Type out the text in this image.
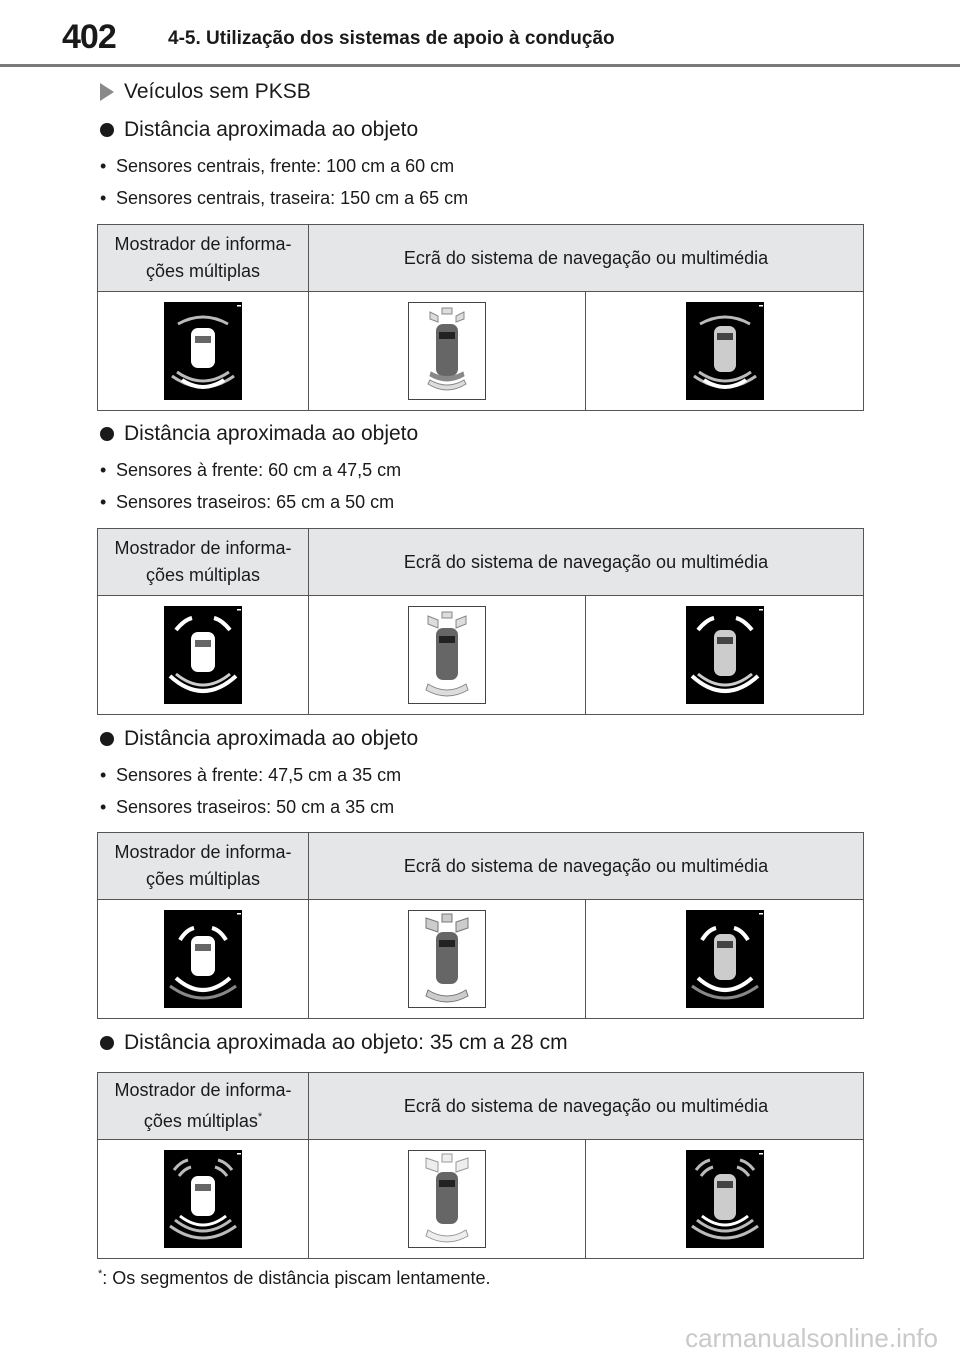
402	4-5. Utilização dos sistemas de apoio à condução
Veículos sem PKSB
Distância aproximada ao objeto
• Sensores centrais, frente: 100 cm a 60 cm
• Sensores centrais, traseira: 150 cm a 65 cm
Mostrador de informa-
ções múltiplas	Ecrã do sistema de navegação ou multimédia	

Distância aproximada ao objeto
• Sensores à frente: 60 cm a 47,5 cm
• Sensores traseiros: 65 cm a 50 cm
Mostrador de informa-
ções múltiplas	Ecrã do sistema de navegação ou multimédia	

Distância aproximada ao objeto
• Sensores à frente: 47,5 cm a 35 cm
• Sensores traseiros: 50 cm a 35 cm
Mostrador de informa-
ções múltiplas	Ecrã do sistema de navegação ou multimédia	

Distância aproximada ao objeto: 35 cm a 28 cm
Mostrador de informa-
ções múltiplas*	Ecrã do sistema de navegação ou multimédia	

*: Os segmentos de distância piscam lentamente.
carmanualsonline.info
